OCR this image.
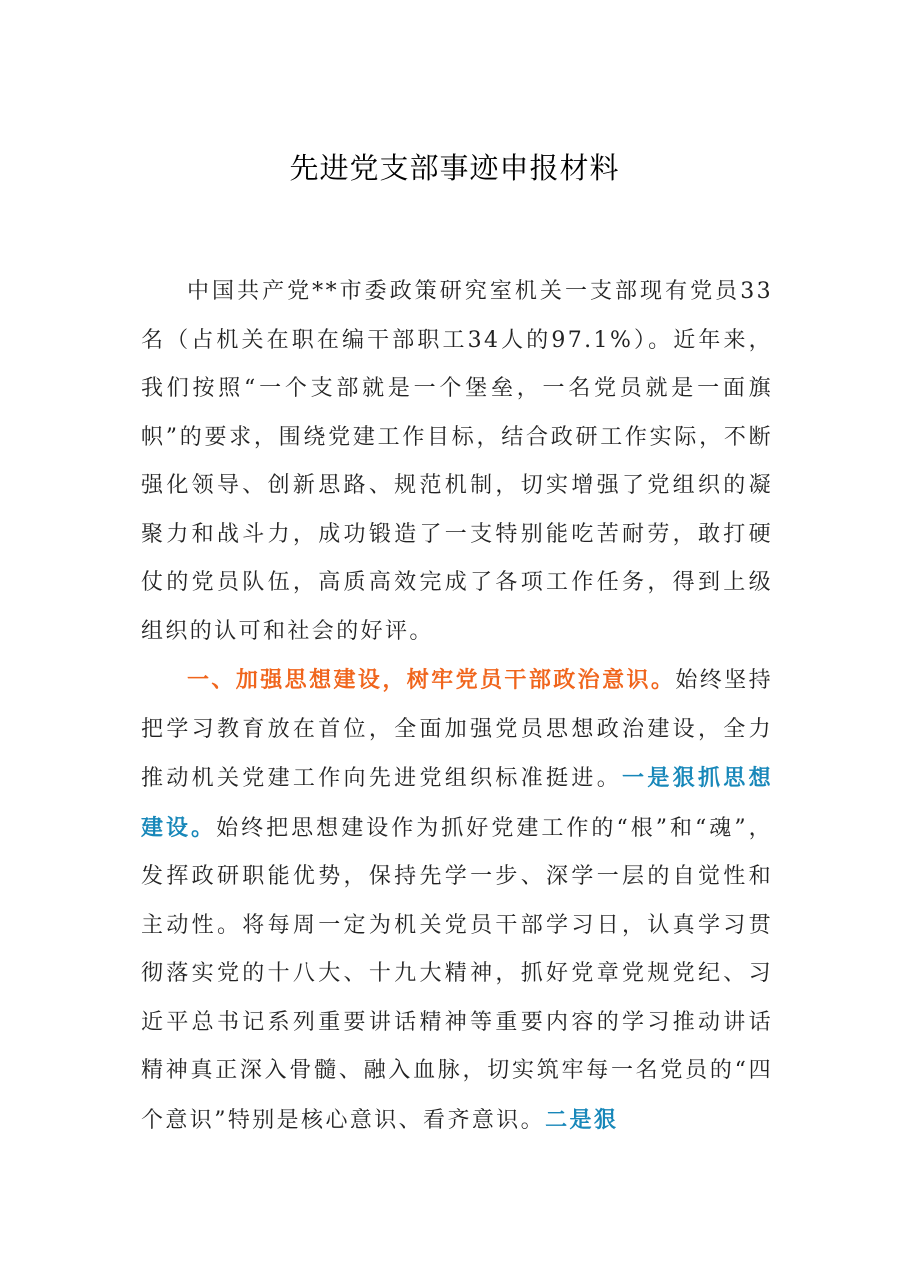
先进党支部事迹申报材料

中国共产党**市委政策研究室机关一支部现有党员33名（占机关在职在编干部职工34人的97.1%）。近年来，我们按照“一个支部就是一个堡垒，一名党员就是一面旗帜”的要求，围绕党建工作目标，结合政研工作实际，不断强化领导、创新思路、规范机制，切实增强了党组织的凝聚力和战斗力，成功锻造了一支特别能吃苦耐劳，敢打硬仗的党员队伍，高质高效完成了各项工作任务，得到上级组织的认可和社会的好评。

一、加强思想建设，树牢党员干部政治意识。始终坚持把学习教育放在首位，全面加强党员思想政治建设，全力推动机关党建工作向先进党组织标准挺进。一是狠抓思想建设。始终把思想建设作为抓好党建工作的“根”和“魂”，发挥政研职能优势，保持先学一步、深学一层的自觉性和主动性。将每周一定为机关党员干部学习日，认真学习贯彻落实党的十八大、十九大精神，抓好党章党规党纪、习近平总书记系列重要讲话精神等重要内容的学习推动讲话精神真正深入骨髓、融入血脉，切实筑牢每一名党员的“四个意识”特别是核心意识、看齐意识。二是狠
